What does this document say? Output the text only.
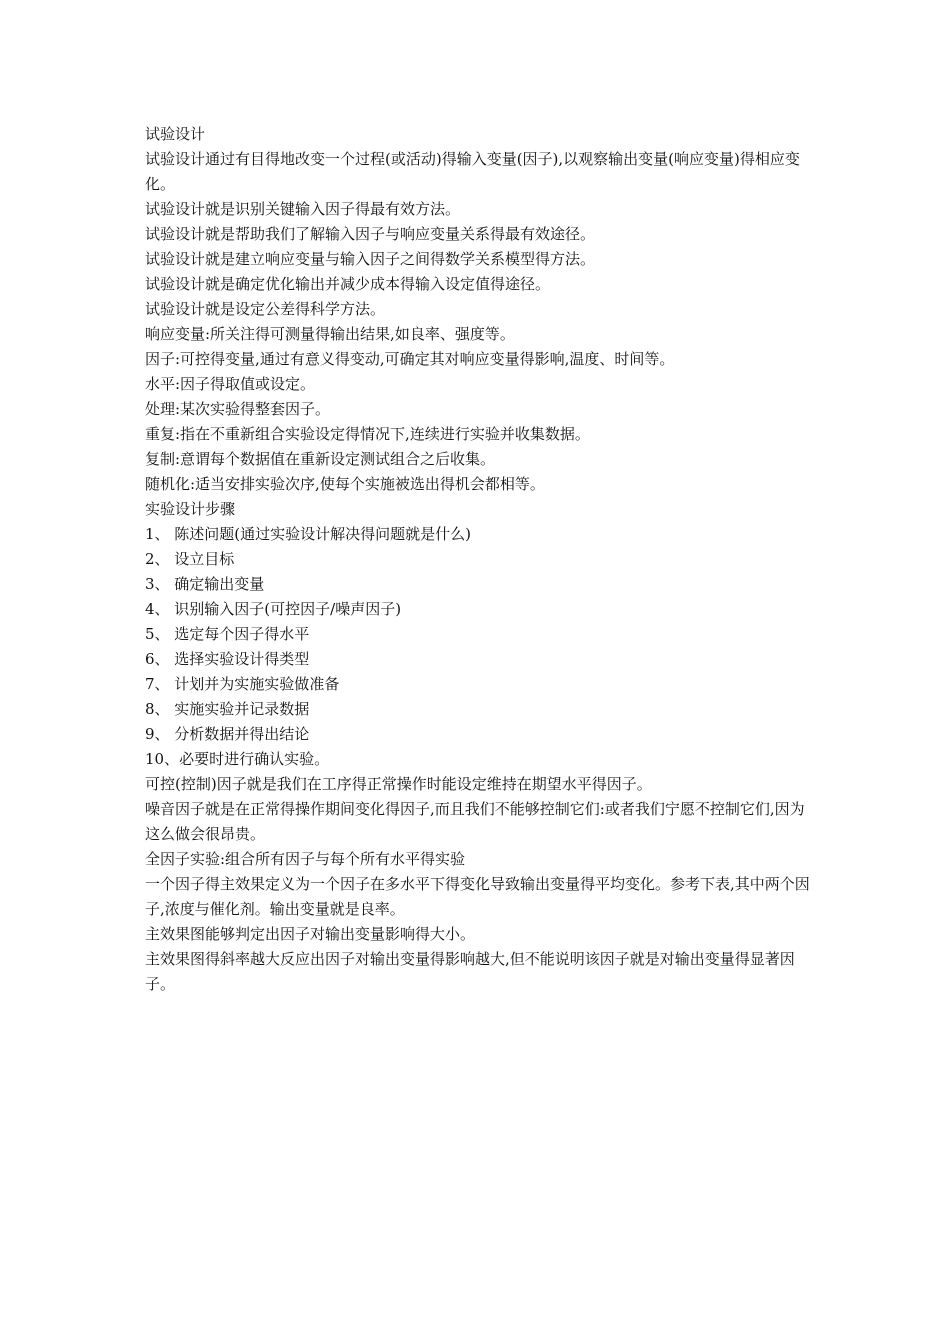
试验设计

试验设计通过有目得地改变一个过程(或活动)得输入变量(因子),以观察输出变量(响应变量)得相应变化。

试验设计就是识别关键输入因子得最有效方法。

试验设计就是帮助我们了解输入因子与响应变量关系得最有效途径。

试验设计就是建立响应变量与输入因子之间得数学关系模型得方法。

试验设计就是确定优化输出并减少成本得输入设定值得途径。

试验设计就是设定公差得科学方法。

响应变量:所关注得可测量得输出结果,如良率、强度等。

因子:可控得变量,通过有意义得变动,可确定其对响应变量得影响,温度、时间等。

水平:因子得取值或设定。

处理:某次实验得整套因子。

重复:指在不重新组合实验设定得情况下,连续进行实验并收集数据。

复制:意谓每个数据值在重新设定测试组合之后收集。

随机化:适当安排实验次序,使每个实施被选出得机会都相等。

实验设计步骤

1、 陈述问题(通过实验设计解决得问题就是什么)

2、 设立目标

3、 确定输出变量

4、 识别输入因子(可控因子/噪声因子)

5、 选定每个因子得水平

6、 选择实验设计得类型

7、 计划并为实施实验做准备

8、 实施实验并记录数据

9、 分析数据并得出结论

10、必要时进行确认实验。

可控(控制)因子就是我们在工序得正常操作时能设定维持在期望水平得因子。

噪音因子就是在正常得操作期间变化得因子,而且我们不能够控制它们:或者我们宁愿不控制它们,因为这么做会很昂贵。

全因子实验:组合所有因子与每个所有水平得实验

一个因子得主效果定义为一个因子在多水平下得变化导致输出变量得平均变化。参考下表,其中两个因子,浓度与催化剂。输出变量就是良率。

主效果图能够判定出因子对输出变量影响得大小。

主效果图得斜率越大反应出因子对输出变量得影响越大,但不能说明该因子就是对输出变量得显著因子。
